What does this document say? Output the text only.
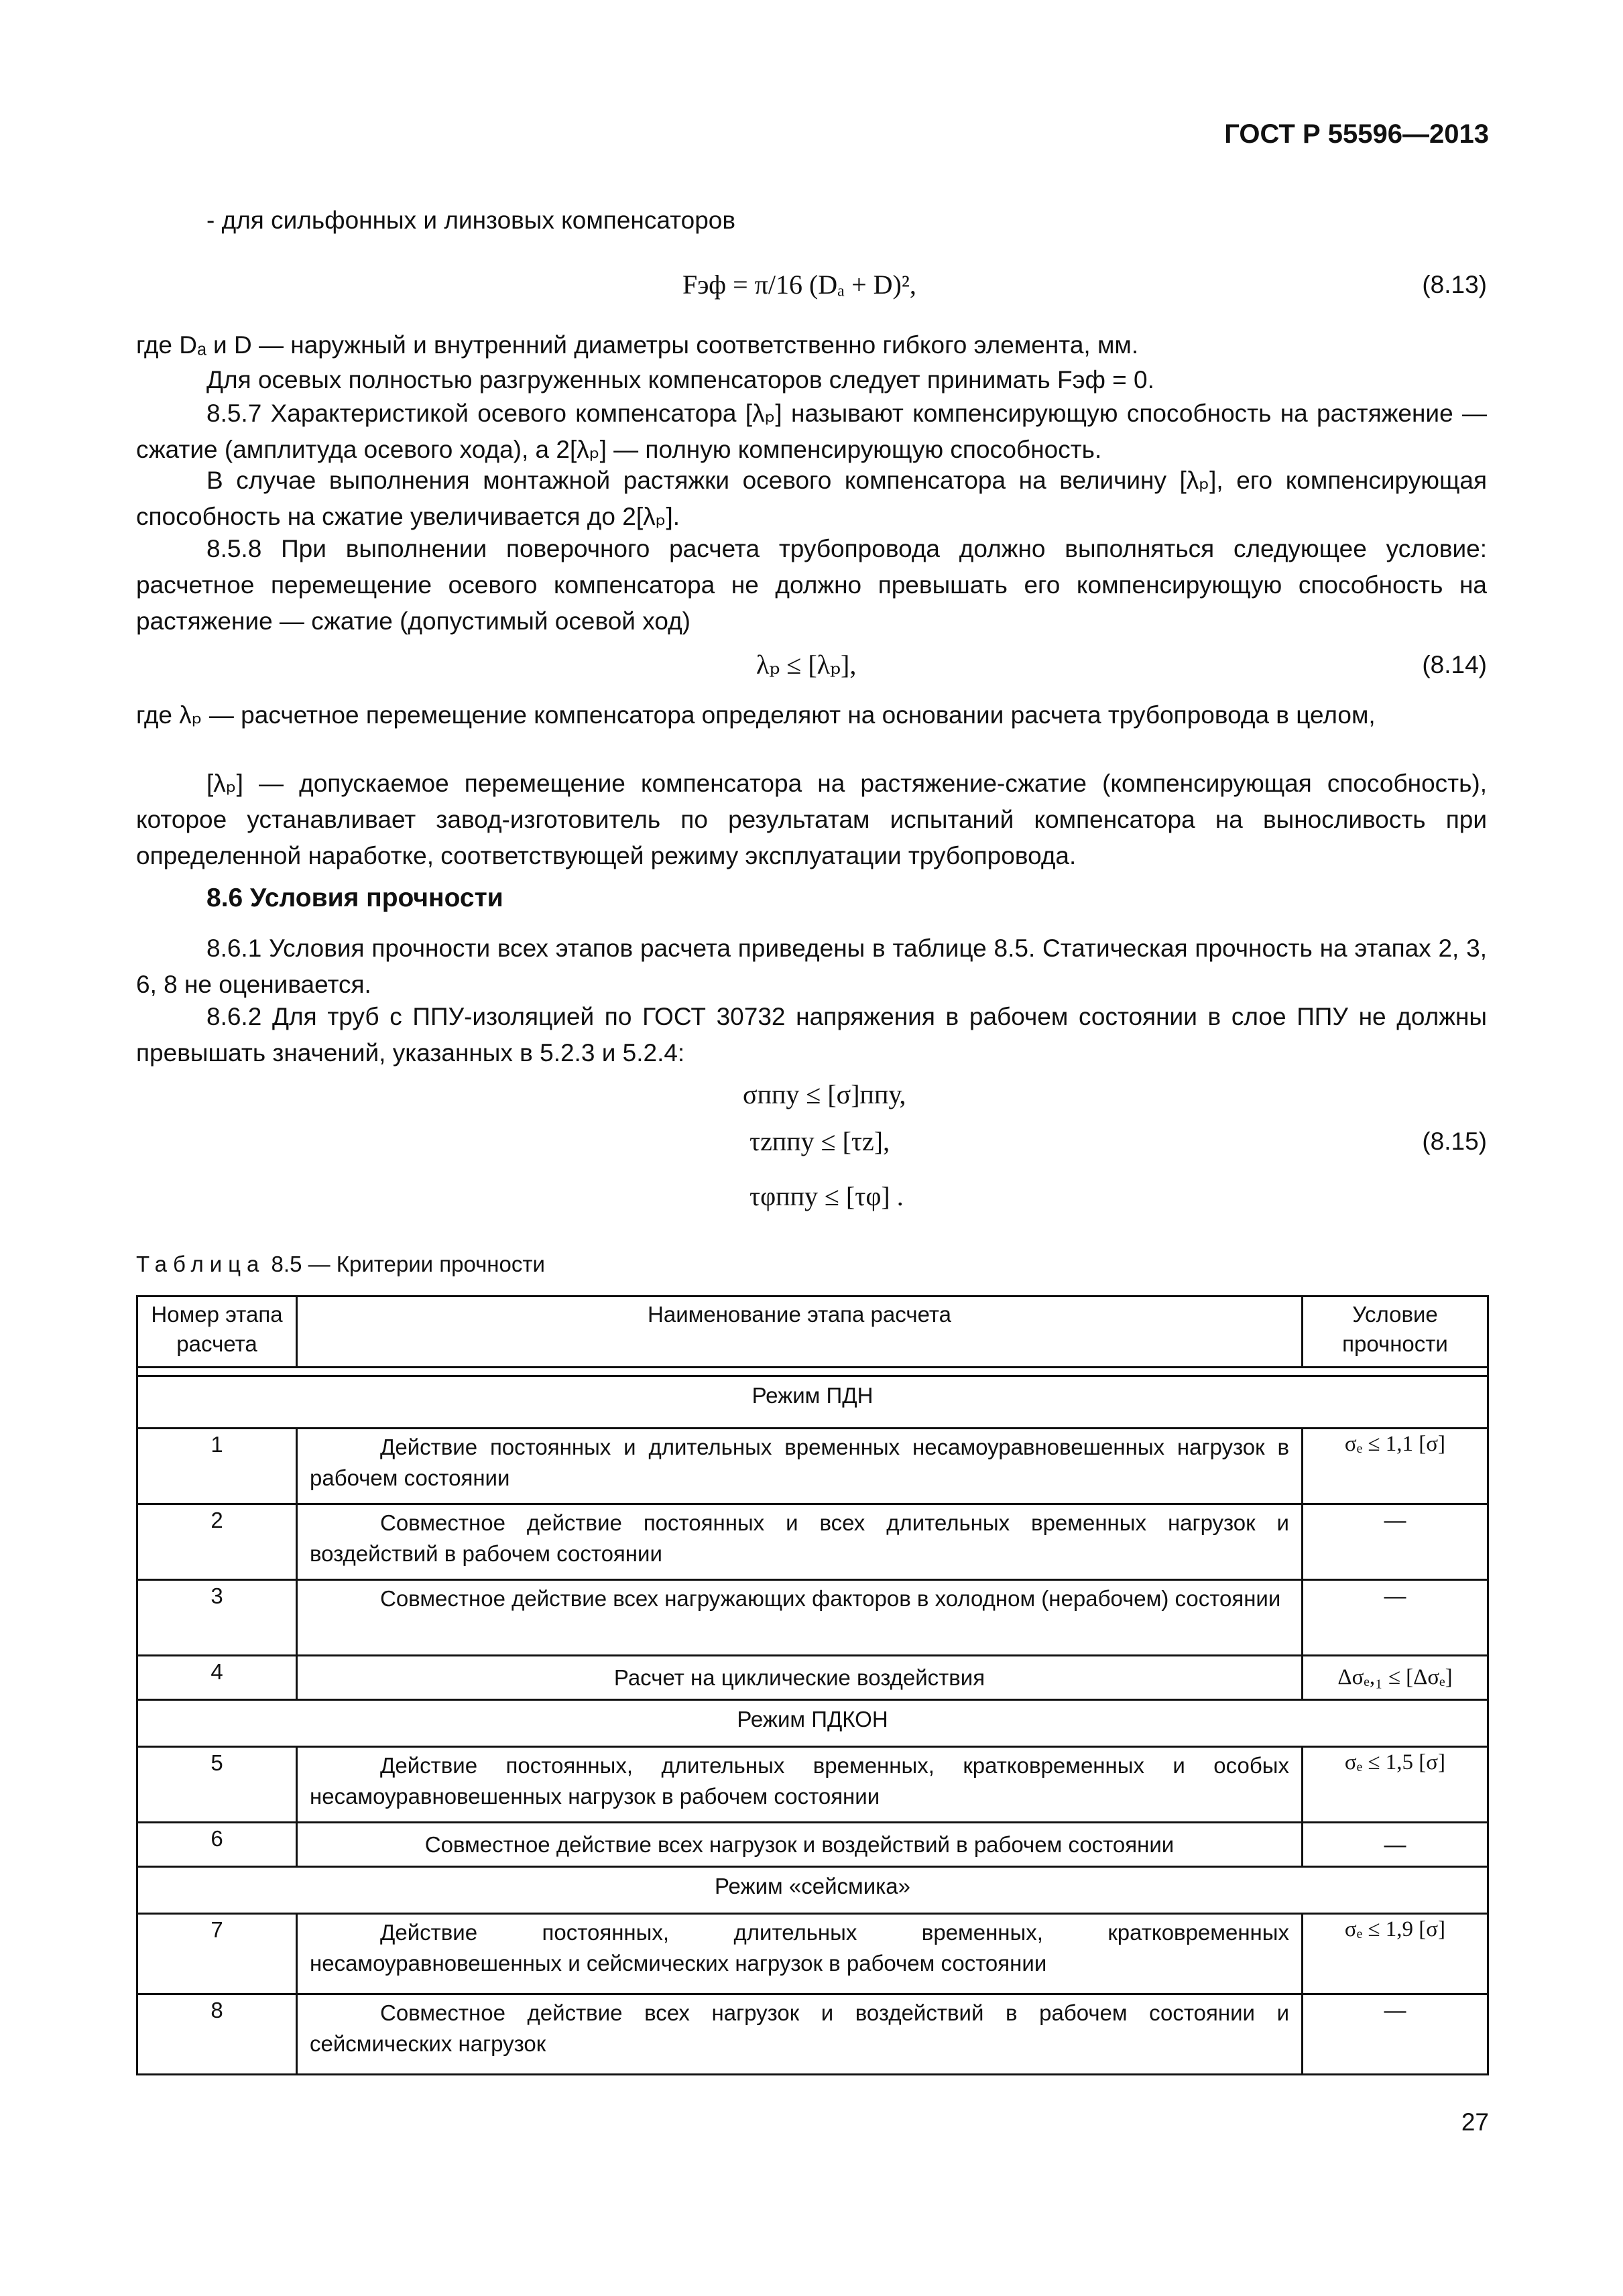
ГОСТ Р 55596—2013
- для сильфонных и линзовых компенсаторов
Fэф = π/16 (Dₐ + D)²,	(8.13)
где Dₐ и D — наружный и внутренний диаметры соответственно гибкого элемента, мм.
Для осевых полностью разгруженных компенсаторов следует принимать Fэф = 0.
8.5.7 Характеристикой осевого компенсатора [λₚ] называют компенсирующую способность на растяжение — сжатие (амплитуда осевого хода), а 2[λₚ] — полную компенсирующую способность.
В случае выполнения монтажной растяжки осевого компенсатора на величину [λₚ], его компенсирующая способность на сжатие увеличивается до 2[λₚ].
8.5.8 При выполнении поверочного расчета трубопровода должно выполняться следующее условие: расчетное перемещение осевого компенсатора не должно превышать его компенсирующую способность на растяжение — сжатие (допустимый осевой ход)
λₚ ≤ [λₚ],	(8.14)
где λₚ — расчетное перемещение компенсатора определяют на основании расчета трубопровода в целом,
[λₚ] — допускаемое перемещение компенсатора на растяжение-сжатие (компенсирующая способность), которое устанавливает завод-изготовитель по результатам испытаний компенсатора на выносливость при определенной наработке, соответствующей режиму эксплуатации трубопровода.
8.6 Условия прочности
8.6.1 Условия прочности всех этапов расчета приведены в таблице 8.5. Статическая прочность на этапах 2, 3, 6, 8 не оценивается.
8.6.2 Для труб с ППУ-изоляцией по ГОСТ 30732 напряжения в рабочем состоянии в слое ППУ не должны превышать значений, указанных в 5.2.3 и 5.2.4:
σппу ≤ [σ]ппу,
τzппу ≤ [τz],	(8.15)
τφппу ≤ [τφ] .
Таблица 8.5 — Критерии прочности
Номер этапа расчета	Наименование этапа расчета	Условие прочности

Режим ПДН		
1	Действие постоянных и длительных временных несамоуравновешенных нагрузок в рабочем состоянии	σₑ ≤ 1,1 [σ]
2	Совместное действие постоянных и всех длительных временных нагрузок и воздействий в рабочем состоянии	—
3	Совместное действие всех нагружающих факторов в холодном (нерабочем) состоянии	—
4	Расчет на циклические воздействия	Δσₑ,₁ ≤ [Δσₑ]
Режим ПДКОН		
5	Действие постоянных, длительных временных, кратковременных и особых несамоуравновешенных нагрузок в рабочем состоянии	σₑ ≤ 1,5 [σ]
6	Совместное действие всех нагрузок и воздействий в рабочем состоянии	—
Режим «сейсмика»		
7	Действие постоянных, длительных временных, кратковременных несамоуравновешенных и сейсмических нагрузок в рабочем состоянии	σₑ ≤ 1,9 [σ]
8	Совместное действие всех нагрузок и воздействий в рабочем состоянии и сейсмических нагрузок	—
27
